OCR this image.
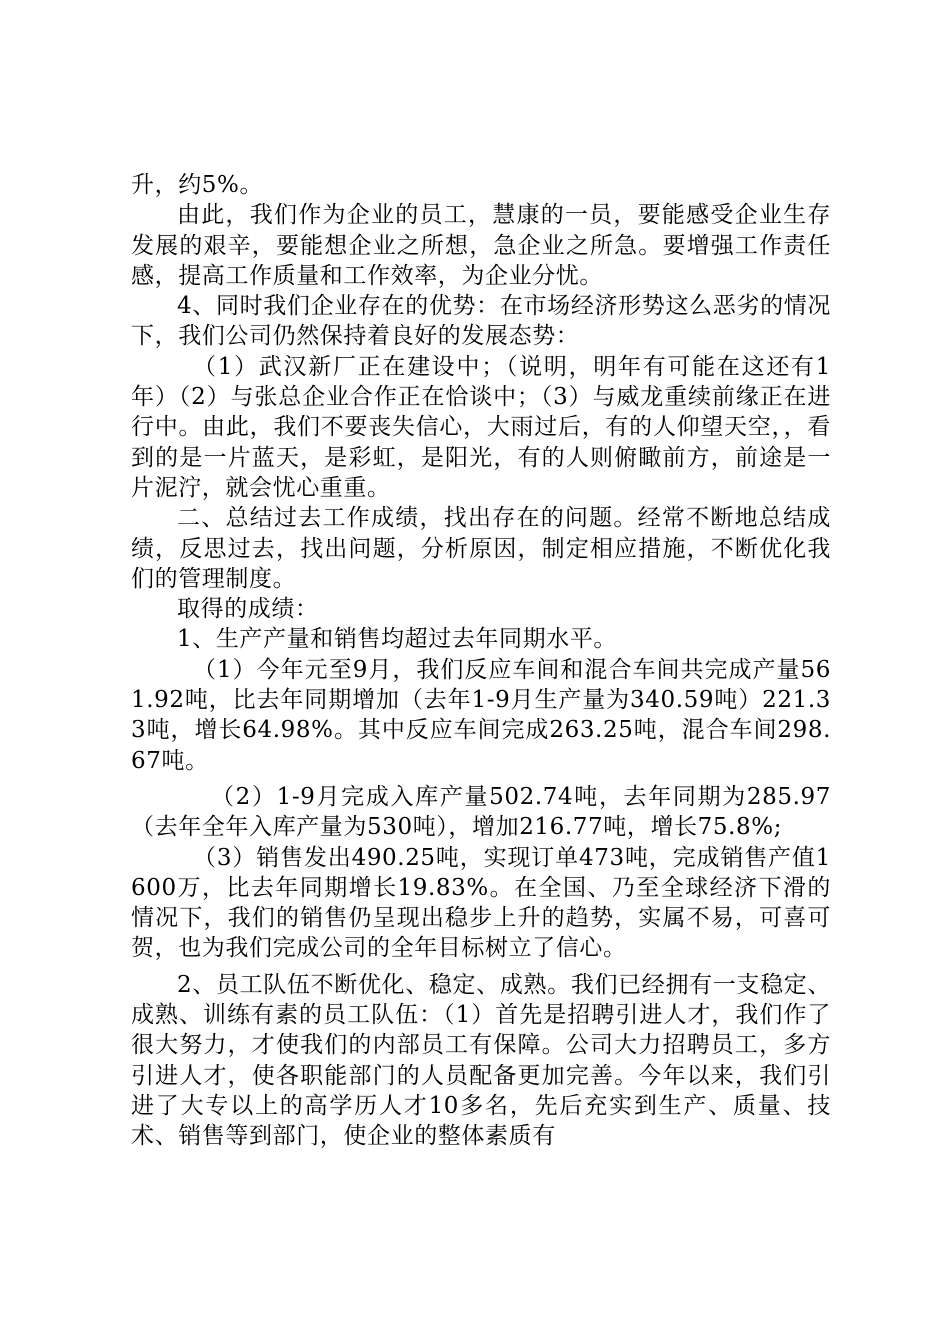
升，约5%。

由此，我们作为企业的员工，慧康的一员，要能感受企业生存发展的艰辛，要能想企业之所想，急企业之所急。要增强工作责任感，提高工作质量和工作效率，为企业分忧。

4、同时我们企业存在的优势：在市场经济形势这么恶劣的情况下，我们公司仍然保持着良好的发展态势：

（1）武汉新厂正在建设中；（说明，明年有可能在这还有1年）（2）与张总企业合作正在恰谈中；（3）与威龙重续前缘正在进行中。由此，我们不要丧失信心，大雨过后，有的人仰望天空，，看到的是一片蓝天，是彩虹，是阳光，有的人则俯瞰前方，前途是一片泥泞，就会忧心重重。

二、总结过去工作成绩，找出存在的问题。经常不断地总结成绩，反思过去，找出问题，分析原因，制定相应措施，不断优化我们的管理制度。

取得的成绩：

1、生产产量和销售均超过去年同期水平。

（1）今年元至9月，我们反应车间和混合车间共完成产量561.92吨，比去年同期增加（去年1-9月生产量为340.59吨）221.33吨，增长64.98%。其中反应车间完成263.25吨，混合车间298.67吨。

（2）1-9月完成入库产量502.74吨，去年同期为285.97（去年全年入库产量为530吨），增加216.77吨，增长75.8%;

（3）销售发出490.25吨，实现订单473吨，完成销售产值1600万，比去年同期增长19.83%。在全国、乃至全球经济下滑的情况下，我们的销售仍呈现出稳步上升的趋势，实属不易，可喜可贺，也为我们完成公司的全年目标树立了信心。

2、员工队伍不断优化、稳定、成熟。我们已经拥有一支稳定、成熟、训练有素的员工队伍：（1）首先是招聘引进人才，我们作了很大努力，才使我们的内部员工有保障。公司大力招聘员工，多方引进人才，使各职能部门的人员配备更加完善。今年以来，我们引进了大专以上的高学历人才10多名，先后充实到生产、质量、技术、销售等到部门，使企业的整体素质有
